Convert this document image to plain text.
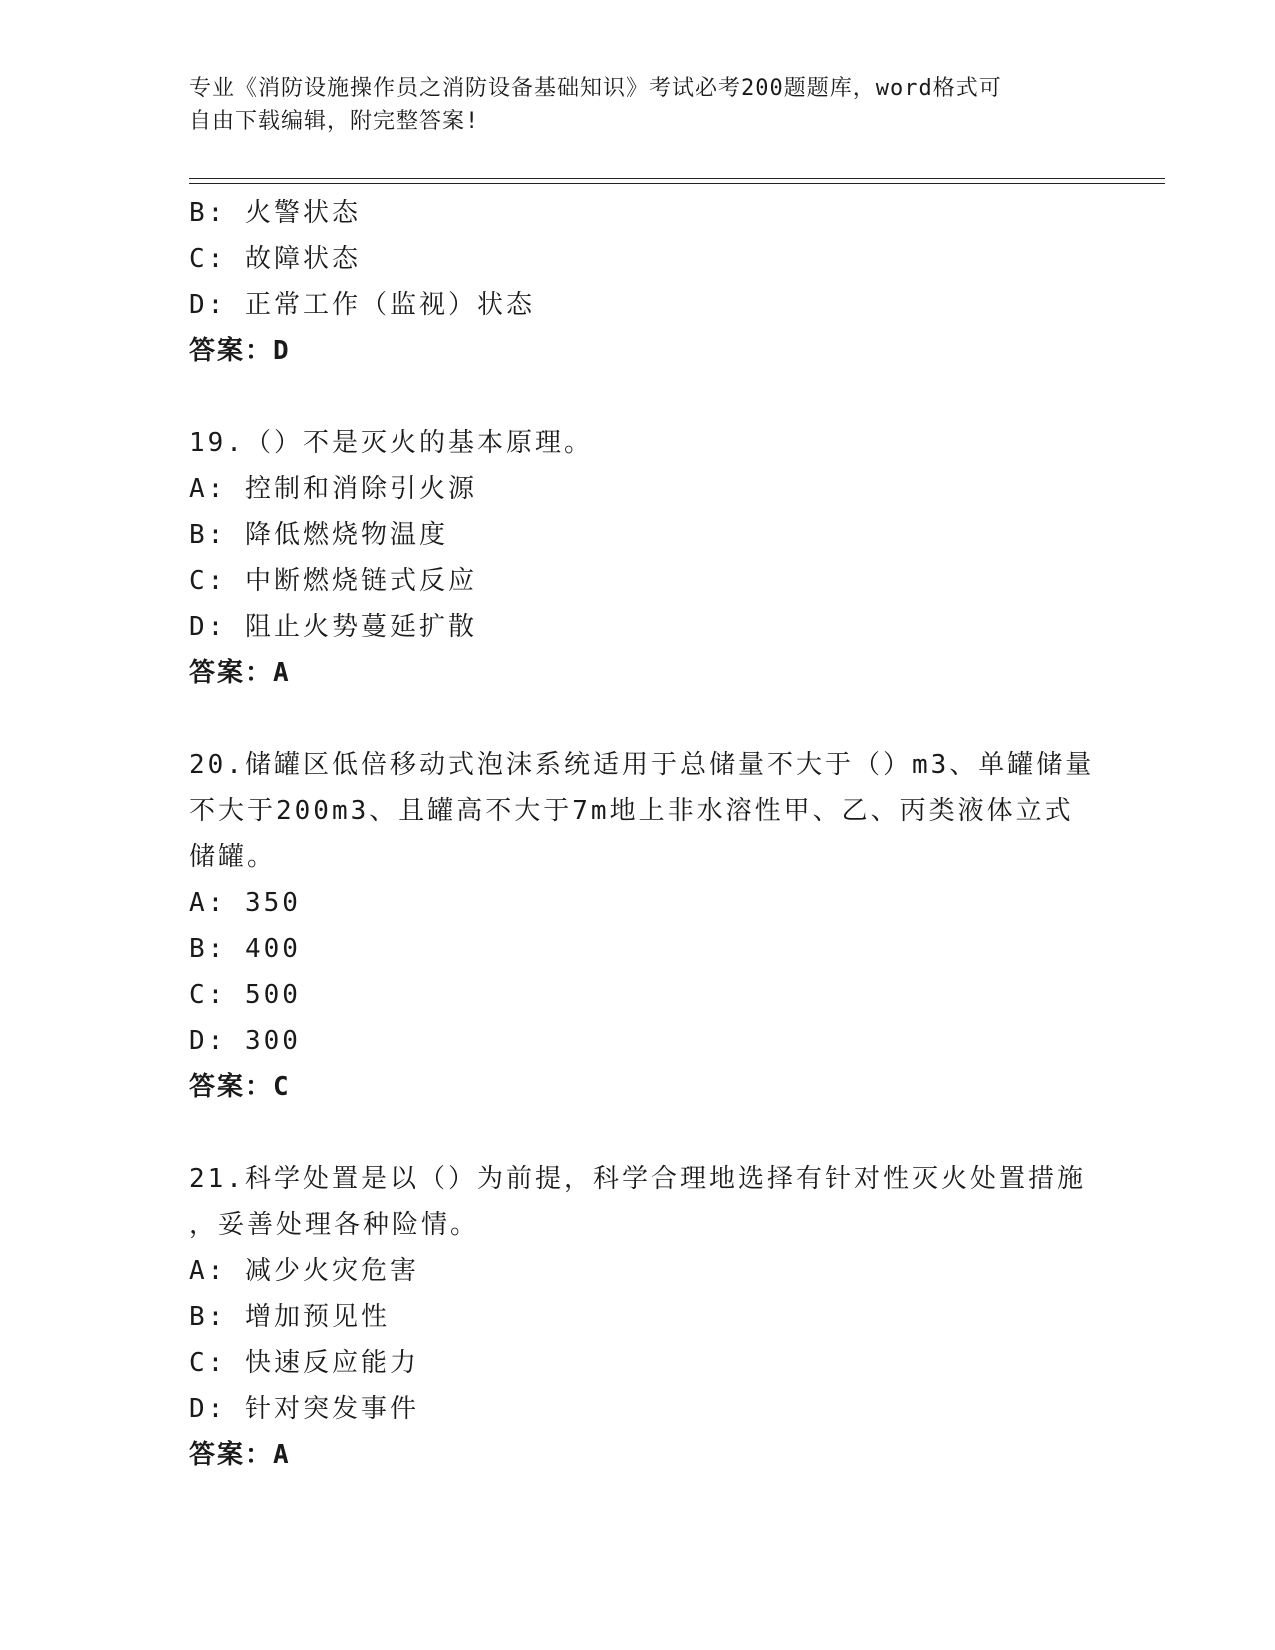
专业《消防设施操作员之消防设备基础知识》考试必考200题题库，word格式可
自由下载编辑，附完整答案!
B: 火警状态
C: 故障状态
D: 正常工作（监视）状态
答案：D
19.（）不是灭火的基本原理。
A: 控制和消除引火源
B: 降低燃烧物温度
C: 中断燃烧链式反应
D: 阻止火势蔓延扩散
答案：A
20.储罐区低倍移动式泡沫系统适用于总储量不大于（）m3、单罐储量
不大于200m3、且罐高不大于7m地上非水溶性甲、乙、丙类液体立式
储罐。
A: 350
B: 400
C: 500
D: 300
答案：C
21.科学处置是以（）为前提，科学合理地选择有针对性灭火处置措施
，妥善处理各种险情。
A: 减少火灾危害
B: 增加预见性
C: 快速反应能力
D: 针对突发事件
答案：A
